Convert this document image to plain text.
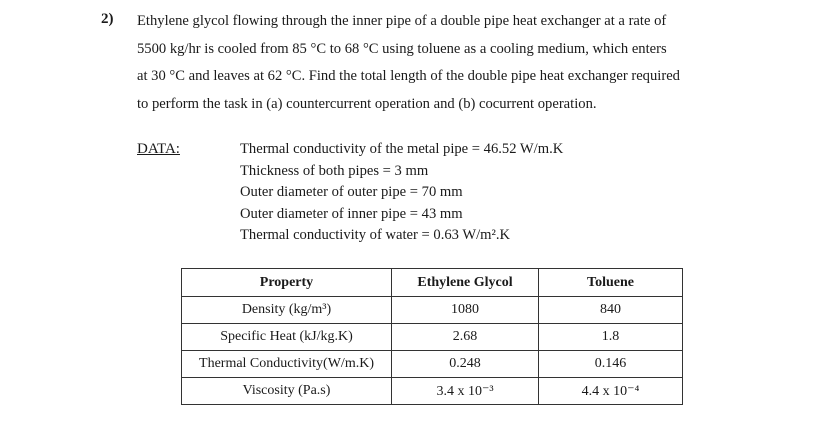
2) Ethylene glycol flowing through the inner pipe of a double pipe heat exchanger at a rate of
5500 kg/hr is cooled from 85 °C to 68 °C using toluene as a cooling medium, which enters
at 30 °C and leaves at 62 °C. Find the total length of the double pipe heat exchanger required
to perform the task in (a) countercurrent operation and (b) cocurrent operation.

DATA:	Thermal conductivity of the metal pipe = 46.52 W/m.K
Thickness of both pipes = 3 mm
Outer diameter of outer pipe = 70 mm
Outer diameter of inner pipe = 43 mm
Thermal conductivity of water = 0.63 W/m².K
Property	Ethylene Glycol	Toluene
Density (kg/m³)	1080	840
Specific Heat (kJ/kg.K)	2.68	1.8
Thermal Conductivity(W/m.K)	0.248	0.146
Viscosity (Pa.s)	3.4 x 10⁻³	4.4 x 10⁻⁴
